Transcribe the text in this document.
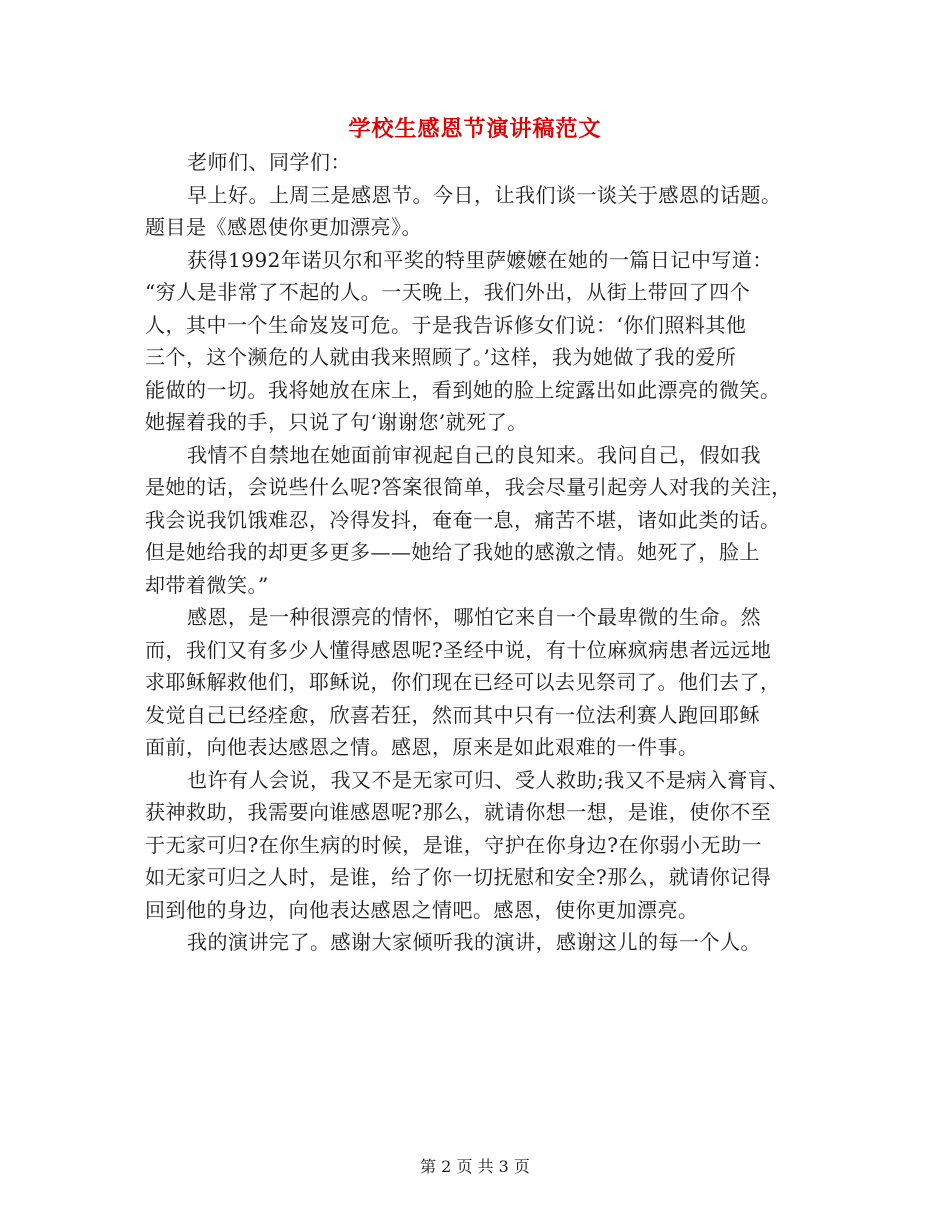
学校生感恩节演讲稿范文
老师们、同学们：
早上好。上周三是感恩节。今日，让我们谈一谈关于感恩的话题。
题目是《感恩使你更加漂亮》。
获得1992年诺贝尔和平奖的特里萨嬷嬷在她的一篇日记中写道：
“穷人是非常了不起的人。一天晚上，我们外出，从街上带回了四个
人，其中一个生命岌岌可危。于是我告诉修女们说：‘你们照料其他
三个，这个濒危的人就由我来照顾了。’这样，我为她做了我的爱所
能做的一切。我将她放在床上，看到她的脸上绽露出如此漂亮的微笑。
她握着我的手，只说了句‘谢谢您’就死了。
我情不自禁地在她面前审视起自己的良知来。我问自己，假如我
是她的话，会说些什么呢?答案很简单，我会尽量引起旁人对我的关注，
我会说我饥饿难忍，冷得发抖，奄奄一息，痛苦不堪，诸如此类的话。
但是她给我的却更多更多——她给了我她的感激之情。她死了，脸上
却带着微笑。”
感恩，是一种很漂亮的情怀，哪怕它来自一个最卑微的生命。然
而，我们又有多少人懂得感恩呢?圣经中说，有十位麻疯病患者远远地
求耶稣解救他们，耶稣说，你们现在已经可以去见祭司了。他们去了，
发觉自己已经痊愈，欣喜若狂，然而其中只有一位法利赛人跑回耶稣
面前，向他表达感恩之情。感恩，原来是如此艰难的一件事。
也许有人会说，我又不是无家可归、受人救助;我又不是病入膏肓、
获神救助，我需要向谁感恩呢?那么，就请你想一想，是谁，使你不至
于无家可归?在你生病的时候，是谁，守护在你身边?在你弱小无助一
如无家可归之人时，是谁，给了你一切抚慰和安全?那么，就请你记得
回到他的身边，向他表达感恩之情吧。感恩，使你更加漂亮。
我的演讲完了。感谢大家倾听我的演讲，感谢这儿的每一个人。
第 2 页 共 3 页
